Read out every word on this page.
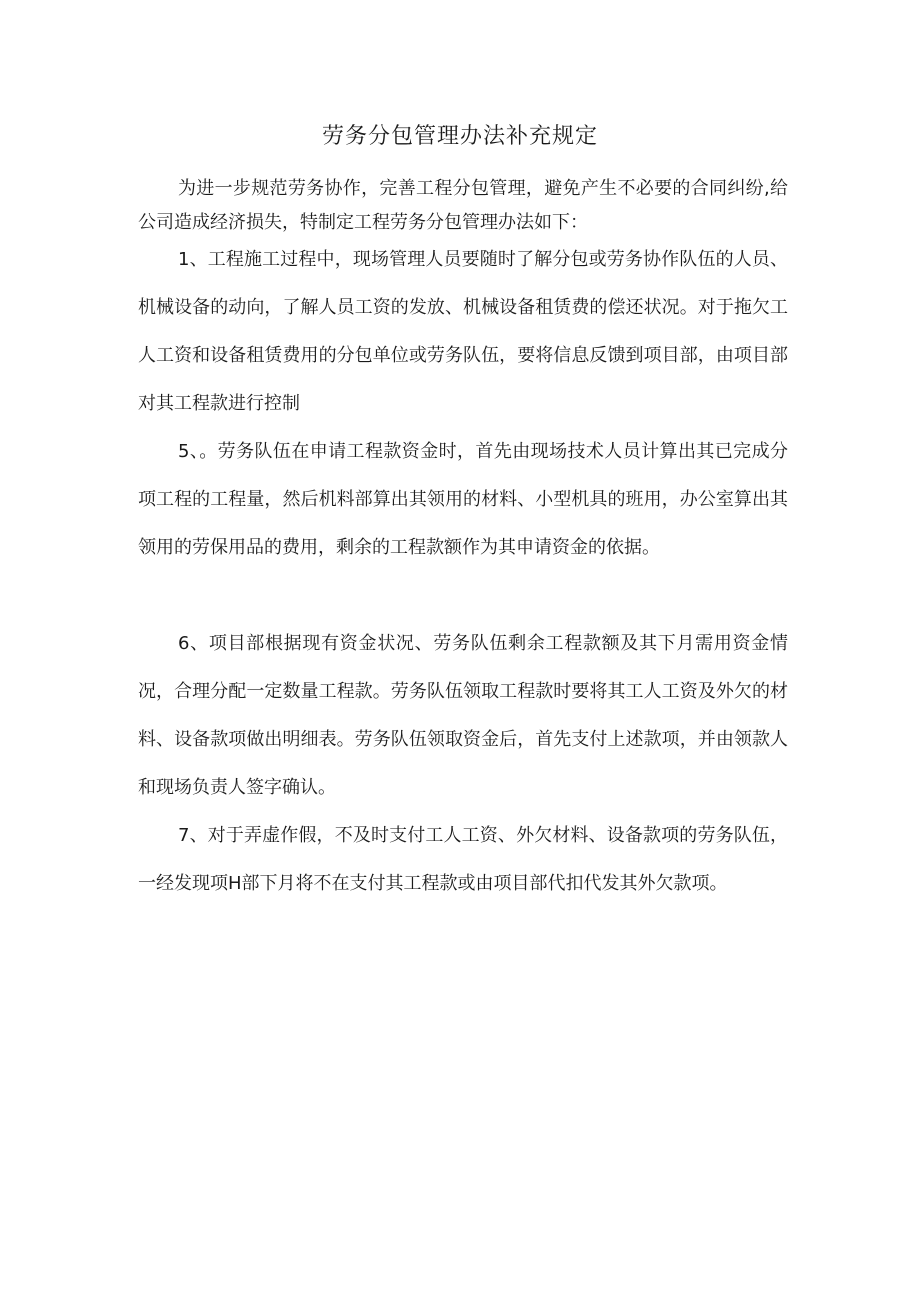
劳务分包管理办法补充规定

为进一步规范劳务协作，完善工程分包管理，避免产生不必要的合同纠纷,给公司造成经济损失，特制定工程劳务分包管理办法如下：

1、工程施工过程中，现场管理人员要随时了解分包或劳务协作队伍的人员、机械设备的动向，了解人员工资的发放、机械设备租赁费的偿还状况。对于拖欠工人工资和设备租赁费用的分包单位或劳务队伍，要将信息反馈到项目部，由项目部对其工程款进行控制

5、。劳务队伍在申请工程款资金时，首先由现场技术人员计算出其已完成分项工程的工程量，然后机料部算出其领用的材料、小型机具的班用，办公室算出其领用的劳保用品的费用，剩余的工程款额作为其申请资金的依据。

6、项目部根据现有资金状况、劳务队伍剩余工程款额及其下月需用资金情况，合理分配一定数量工程款。劳务队伍领取工程款时要将其工人工资及外欠的材料、设备款项做出明细表。劳务队伍领取资金后，首先支付上述款项，并由领款人和现场负责人签字确认。

7、对于弄虚作假，不及时支付工人工资、外欠材料、设备款项的劳务队伍，一经发现项H部下月将不在支付其工程款或由项目部代扣代发其外欠款项。
